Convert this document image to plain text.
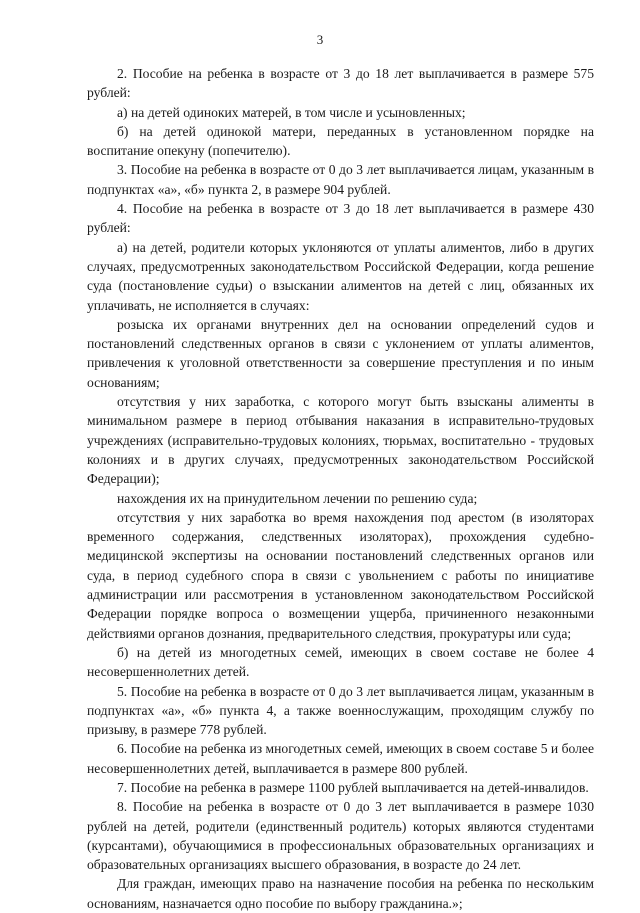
3

2. Пособие на ребенка в возрасте от 3 до 18 лет выплачивается в размере 575 рублей:

а) на детей одиноких матерей, в том числе и усыновленных;

б) на детей одинокой матери, переданных в установленном порядке на воспитание опекуну (попечителю).

3. Пособие на ребенка в возрасте от 0 до 3 лет выплачивается лицам, указанным в подпунктах «а», «б» пункта 2, в размере 904 рублей.

4. Пособие на ребенка в возрасте от 3 до 18 лет выплачивается в размере 430 рублей:

а) на детей, родители которых уклоняются от уплаты алиментов, либо в других случаях, предусмотренных законодательством Российской Федерации, когда решение суда (постановление судьи) о взыскании алиментов на детей с лиц, обязанных их уплачивать, не исполняется в случаях:

розыска их органами внутренних дел на основании определений судов и постановлений следственных органов в связи с уклонением от уплаты алиментов, привлечения к уголовной ответственности за совершение преступления и по иным основаниям;

отсутствия у них заработка, с которого могут быть взысканы алименты в минимальном размере в период отбывания наказания в исправительно-трудовых учреждениях (исправительно-трудовых колониях, тюрьмах, воспитательно - трудовых колониях и в других случаях, предусмотренных законодательством Российской Федерации);

нахождения их на принудительном лечении по решению суда;

отсутствия у них заработка во время нахождения под арестом (в изоляторах временного содержания, следственных изоляторах), прохождения судебно-медицинской экспертизы на основании постановлений следственных органов или суда, в период судебного спора в связи с увольнением с работы по инициативе администрации или рассмотрения в установленном законодательством Российской Федерации порядке вопроса о возмещении ущерба, причиненного незаконными действиями органов дознания, предварительного следствия, прокуратуры или суда;

б) на детей из многодетных семей, имеющих в своем составе не более 4 несовершеннолетних детей.

5. Пособие на ребенка в возрасте от 0 до 3 лет выплачивается лицам, указанным в подпунктах «а», «б» пункта 4, а также военнослужащим, проходящим службу по призыву, в размере 778 рублей.

6. Пособие на ребенка из многодетных семей, имеющих в своем составе 5 и более несовершеннолетних детей, выплачивается в размере 800 рублей.

7. Пособие на ребенка в размере 1100 рублей выплачивается на детей-инвалидов.

8. Пособие на ребенка в возрасте от 0 до 3 лет выплачивается в размере 1030 рублей на детей, родители (единственный родитель) которых являются студентами (курсантами), обучающимися в профессиональных образовательных организациях и образовательных организациях высшего образования, в возрасте до 24 лет.

Для граждан, имеющих право на назначение пособия на ребенка по нескольким основаниям, назначается одно пособие по выбору гражданина.»;
